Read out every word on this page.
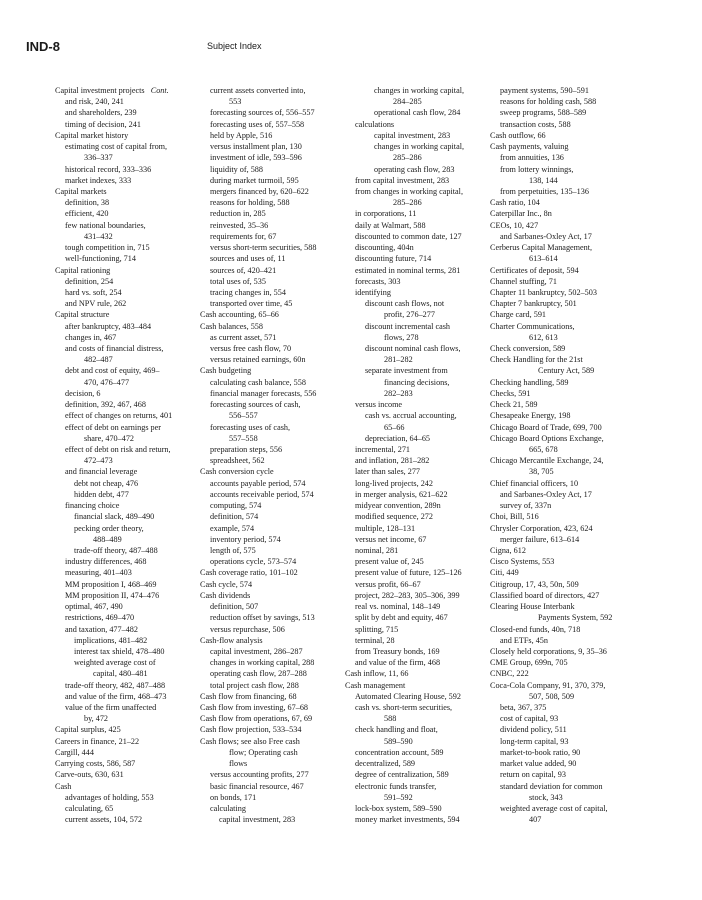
IND-8	Subject Index
Capital investment projects   Cont.
and risk, 240, 241
and shareholders, 239
timing of decision, 241
Capital market history
estimating cost of capital from,
336–337
historical record, 333–336
market indexes, 333
Capital markets
definition, 38
efficient, 420
few national boundaries,
431–432
tough competition in, 715
well-functioning, 714
Capital rationing
definition, 254
hard vs. soft, 254
and NPV rule, 262
Capital structure
after bankruptcy, 483–484
changes in, 467
and costs of financial distress,
482–487
debt and cost of equity, 469–
470, 476–477
decision, 6
definition, 392, 467, 468
effect of changes on returns, 401
effect of debt on earnings per
share, 470–472
effect of debt on risk and return,
472–473
and financial leverage
debt not cheap, 476
hidden debt, 477
financing choice
financial slack, 489–490
pecking order theory,
488–489
trade-off theory, 487–488
industry differences, 468
measuring, 401–403
MM proposition I, 468–469
MM proposition II, 474–476
optimal, 467, 490
restrictions, 469–470
and taxation, 477–482
implications, 481–482
interest tax shield, 478–480
weighted average cost of
capital, 480–481
trade-off theory, 482, 487–488
and value of the firm, 468–473
value of the firm unaffected
by, 472
Capital surplus, 425
Careers in finance, 21–22
Cargill, 444
Carrying costs, 586, 587
Carve-outs, 630, 631
Cash
advantages of holding, 553
calculating, 65
current assets, 104, 572
current assets converted into,
553
forecasting sources of, 556–557
forecasting uses of, 557–558
held by Apple, 516
versus installment plan, 130
investment of idle, 593–596
liquidity of, 588
during market turmoil, 595
mergers financed by, 620–622
reasons for holding, 588
reduction in, 285
reinvested, 35–36
requirements for, 67
versus short-term securities, 588
sources and uses of, 11
sources of, 420–421
total uses of, 535
tracing changes in, 554
transported over time, 45
Cash accounting, 65–66
Cash balances, 558
as current asset, 571
versus free cash flow, 70
versus retained earnings, 60n
Cash budgeting
calculating cash balance, 558
financial manager forecasts, 556
forecasting sources of cash,
556–557
forecasting uses of cash,
557–558
preparation steps, 556
spreadsheet, 562
Cash conversion cycle
accounts payable period, 574
accounts receivable period, 574
computing, 574
definition, 574
example, 574
inventory period, 574
length of, 575
operations cycle, 573–574
Cash coverage ratio, 101–102
Cash cycle, 574
Cash dividends
definition, 507
reduction offset by savings, 513
versus repurchase, 506
Cash-flow analysis
capital investment, 286–287
changes in working capital, 288
operating cash flow, 287–288
total project cash flow, 288
Cash flow from financing, 68
Cash flow from investing, 67–68
Cash flow from operations, 67, 69
Cash flow projection, 533–534
Cash flows; see also Free cash
flow; Operating cash
flows
versus accounting profits, 277
basic financial resource, 467
on bonds, 171
calculating
capital investment, 283
changes in working capital,
284–285
operational cash flow, 284
calculations
capital investment, 283
changes in working capital,
285–286
operating cash flow, 283
from capital investment, 283
from changes in working capital,
285–286
in corporations, 11
daily at Walmart, 588
discounted to common date, 127
discounting, 404n
discounting future, 714
estimated in nominal terms, 281
forecasts, 303
identifying
discount cash flows, not
profit, 276–277
discount incremental cash
flows, 278
discount nominal cash flows,
281–282
separate investment from
financing decisions,
282–283
versus income
cash vs. accrual accounting,
65–66
depreciation, 64–65
incremental, 271
and inflation, 281–282
later than sales, 277
long-lived projects, 242
in merger analysis, 621–622
midyear convention, 289n
modified sequence, 272
multiple, 128–131
versus net income, 67
nominal, 281
present value of, 245
present value of future, 125–126
versus profit, 66–67
project, 282–283, 305–306, 399
real vs. nominal, 148–149
split by debt and equity, 467
splitting, 715
terminal, 28
from Treasury bonds, 169
and value of the firm, 468
Cash inflow, 11, 66
Cash management
Automated Clearing House, 592
cash vs. short-term securities,
588
check handling and float,
589–590
concentration account, 589
decentralized, 589
degree of centralization, 589
electronic funds transfer,
591–592
lock-box system, 589–590
money market investments, 594
payment systems, 590–591
reasons for holding cash, 588
sweep programs, 588–589
transaction costs, 588
Cash outflow, 66
Cash payments, valuing
from annuities, 136
from lottery winnings,
138, 144
from perpetuities, 135–136
Cash ratio, 104
Caterpillar Inc., 8n
CEOs, 10, 427
and Sarbanes-Oxley Act, 17
Cerberus Capital Management,
613–614
Certificates of deposit, 594
Channel stuffing, 71
Chapter 11 bankruptcy, 502–503
Chapter 7 bankruptcy, 501
Charge card, 591
Charter Communications,
612, 613
Check conversion, 589
Check Handling for the 21st
Century Act, 589
Checking handling, 589
Checks, 591
Check 21, 589
Chesapeake Energy, 198
Chicago Board of Trade, 699, 700
Chicago Board Options Exchange,
665, 678
Chicago Mercantile Exchange, 24,
38, 705
Chief financial officers, 10
and Sarbanes-Oxley Act, 17
survey of, 337n
Choi, Bill, 516
Chrysler Corporation, 423, 624
merger failure, 613–614
Cigna, 612
Cisco Systems, 553
Citi, 449
Citigroup, 17, 43, 50n, 509
Classified board of directors, 427
Clearing House Interbank
Payments System, 592
Closed-end funds, 40n, 718
and ETFs, 45n
Closely held corporations, 9, 35–36
CME Group, 699n, 705
CNBC, 222
Coca-Cola Company, 91, 370, 379,
507, 508, 509
beta, 367, 375
cost of capital, 93
dividend policy, 511
long-term capital, 93
market-to-book ratio, 90
market value added, 90
return on capital, 93
standard deviation for common
stock, 343
weighted average cost of capital,
407
